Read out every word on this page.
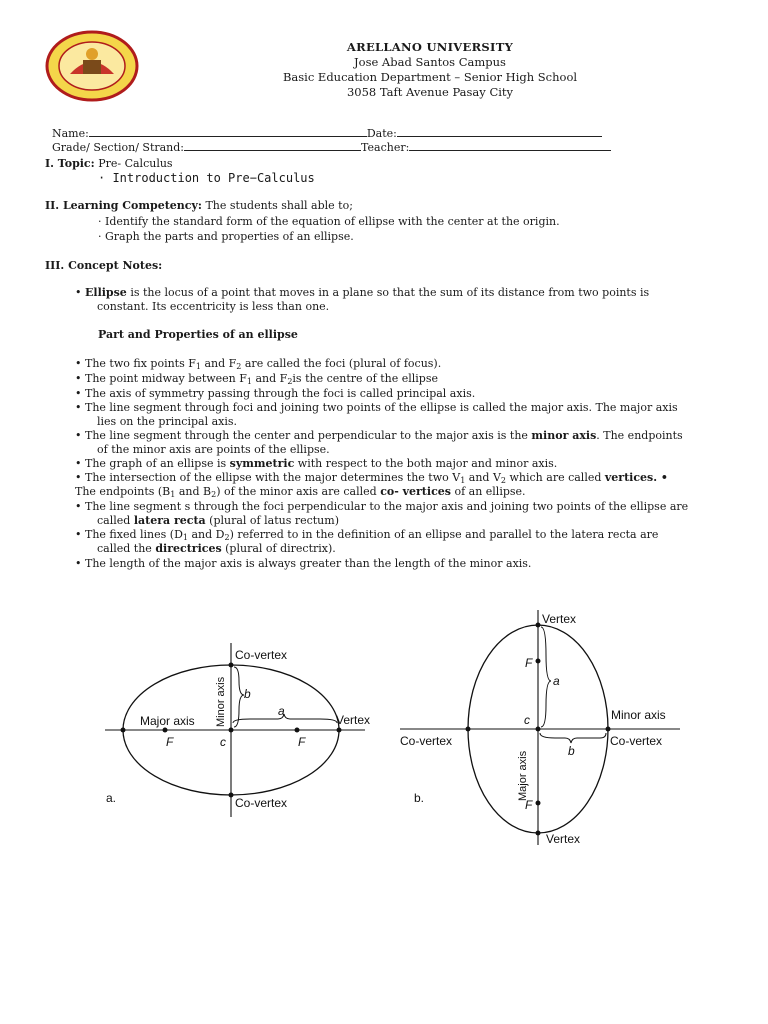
ARELLANO UNIVERSITY
Jose Abad Santos Campus
Basic Education Department – Senior High School
3058 Taft Avenue Pasay City

Name:	Date:

Grade/ Section/ Strand:	Teacher:

I. Topic: Pre- Calculus
· Introduction to Pre−Calculus
II. Learning Competency: The students shall able to;
· Identify the standard form of the equation of ellipse with the center at the origin.
· Graph the parts and properties of an ellipse.
III. Concept Notes:
• Ellipse is the locus of a point that moves in a plane so that the sum of its distance from two points is
constant. Its eccentricity is less than one.
Part and Properties of an ellipse
• The two fix points $F_1$ and $F_2$ are called the foci (plural of focus).
• The point midway between $F_1$ and $F_2is$ the centre of the ellipse
• The axis of symmetry passing through the foci is called principal axis.
• The line segment through foci and joining two points of the ellipse is called the major axis. The major axis
lies on the principal axis.
• The line segment through the center and perpendicular to the major axis is the minor axis. The endpoints
of the minor axis are points of the ellipse.
• The graph of an ellipse is symmetric with respect to the both major and minor axis.
• The intersection of the ellipse with the major determines the two $V_1$ and $V_2$ which are called vertices. •
The endpoints ($B_1$ and $B_2$) of the minor axis are called co- vertices of an ellipse.
• The line segment s through the foci perpendicular to the major axis and joining two points of the ellipse are
called latera recta (plural of latus rectum)
• The fixed lines ($D_1$ and $D_2$) referred to in the definition of an ellipse and parallel to the latera recta are
called the directrices (plural of directrix).
• The length of the major axis is always greater than the length of the minor axis.
Co-vertex
Co-vertex
Minor axis
Major axis	Vertex
b
a
c
F	F
a.
Vertex
Vertex
Minor axis
Major axis
Co-vertex	Co-vertex
a
b
c
F
F
b.
